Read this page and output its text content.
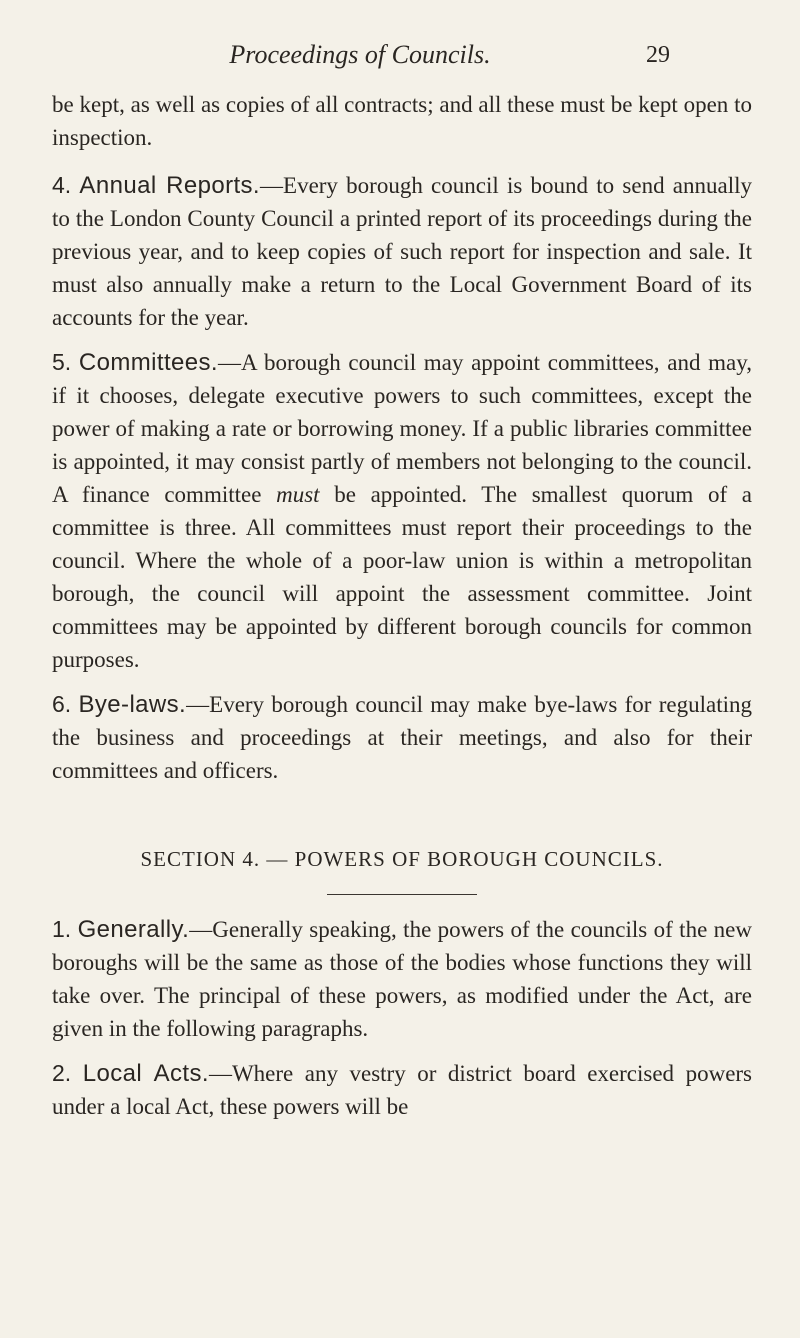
Proceedings of Councils.	29

be kept, as well as copies of all contracts; and all these must be kept open to inspection.

4. Annual Reports.—Every borough council is bound to send annually to the London County Council a printed report of its proceedings during the previous year, and to keep copies of such report for inspection and sale. It must also annually make a return to the Local Government Board of its accounts for the year.

5. Committees.—A borough council may appoint committees, and may, if it chooses, delegate executive powers to such committees, except the power of making a rate or borrowing money. If a public libraries committee is appointed, it may consist partly of members not belonging to the council. A finance committee must be appointed. The smallest quorum of a committee is three. All committees must report their proceedings to the council. Where the whole of a poor-law union is within a metropolitan borough, the council will appoint the assessment committee. Joint committees may be appointed by different borough councils for common purposes.

6. Bye-laws.—Every borough council may make bye-laws for regulating the business and proceedings at their meetings, and also for their committees and officers.

SECTION 4. — POWERS OF BOROUGH COUNCILS.

1. Generally.—Generally speaking, the powers of the councils of the new boroughs will be the same as those of the bodies whose functions they will take over. The principal of these powers, as modified under the Act, are given in the following paragraphs.

2. Local Acts.—Where any vestry or district board exercised powers under a local Act, these powers will be
